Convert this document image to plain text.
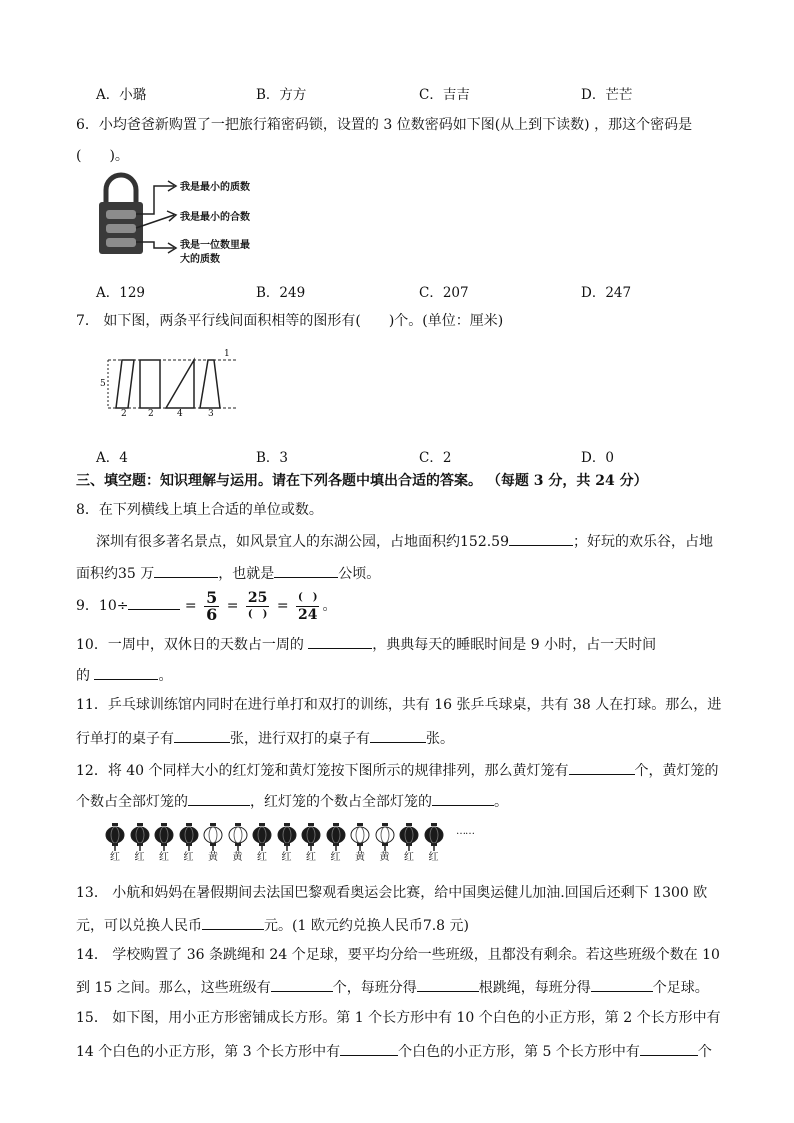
A．小璐	B．方方	C．吉吉	D．芒芒
6．小均爸爸新购置了一把旅行箱密码锁，设置的 3 位数密码如下图(从上到下读数) ，那这个密码是
(　　)。
我是最小的质数
我是最小的合数
我是一位数里最
大的质数
A．129	B．249	C．207	D．247
7． 如下图，两条平行线间面积相等的图形有(　　)个。(单位：厘米)
5
1
2 2	4	3
A．4	B．3	C．2	D．0
三、填空题：知识理解与运用。请在下列各题中填出合适的答案。 （每题 3 分，共 24 分）
8．在下列横线上填上合适的单位或数。
深圳有很多著名景点，如风景宜人的东湖公园，占地面积约152.59	；好玩的欢乐谷，占地
面积约35 万	，也就是	公顷。
9．10÷	= $\frac{5}{6} = \frac{25}{( )} = \frac{( )}{24}$ 。
10．一周中，双休日的天数占一周的	，典典每天的睡眠时间是 9 小时，占一天时间
的	。
11．乒乓球训练馆内同时在进行单打和双打的训练，共有 16 张乒乓球桌，共有 38 人在打球。那么，进
行单打的桌子有	张，进行双打的桌子有	张。
12．将 40 个同样大小的红灯笼和黄灯笼按下图所示的规律排列，那么黄灯笼有	个，黄灯笼的
个数占全部灯笼的	，红灯笼的个数占全部灯笼的	。
红	红	红	红	黄	黄	红	红	红	红	黄	黄	红	红
……
13． 小航和妈妈在暑假期间去法国巴黎观看奥运会比赛，给中国奥运健儿加油.回国后还剩下 1300 欧
元，可以兑换人民币	元。(1 欧元约兑换人民币7.8 元)
14． 学校购置了 36 条跳绳和 24 个足球，要平均分给一些班级，且都没有剩余。若这些班级个数在 10
到 15 之间。那么，这些班级有	个，每班分得	根跳绳，每班分得	个足球。
15． 如下图，用小正方形密铺成长方形。第 1 个长方形中有 10 个白色的小正方形，第 2 个长方形中有
14 个白色的小正方形，第 3 个长方形中有	个白色的小正方形，第 5 个长方形中有	个
